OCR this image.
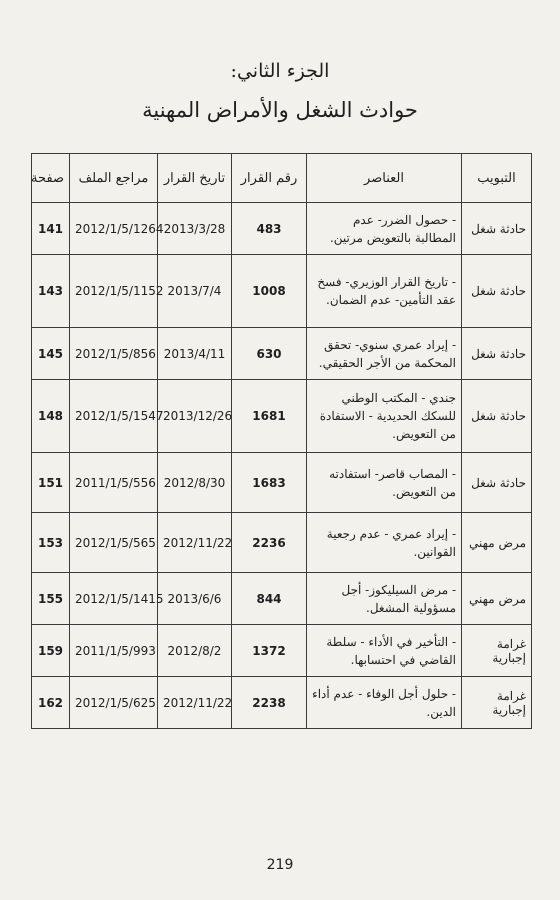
الجزء الثاني:
حوادث الشغل والأمراض المهنية
التبويب	العناصر	رقم القرار	تاريخ القرار	مراجع الملف	صفحة
حادثة شغل	- حصول الضرر- عدم المطالبة بالتعويض مرتين.	483	2013/3/28	2012/1/5/1264	141
حادثة شغل	- تاريخ القرار الوزيري- فسخ عقد التأمين- عدم الضمان.	1008	2013/7/4	2012/1/5/1152	143
حادثة شغل	- إيراد عمري سنوي- تحقق المحكمة من الأجر الحقيقي.	630	2013/4/11	2012/1/5/856	145
حادثة شغل	جندي - المكتب الوطني للسكك الحديدية - الاستفادة من التعويض.	1681	2013/12/26	2012/1/5/1547	148
حادثة شغل	- المصاب قاصر- استفادته من التعويض.	1683	2012/8/30	2011/1/5/556	151
مرض مهني	- إيراد عمري - عدم رجعية القوانين.	2236	2012/11/22	2012/1/5/565	153
مرض مهني	- مرض السيليكوز- أجل مسؤولية المشغل.	844	2013/6/6	2012/1/5/1415	155
غرامة إجبارية	- التأخير في الأداء - سلطة القاضي في احتسابها.	1372	2012/8/2	2011/1/5/993	159
غرامة إجبارية	- حلول أجل الوفاء - عدم أداء الدين.	2238	2012/11/22	2012/1/5/625	162
219
